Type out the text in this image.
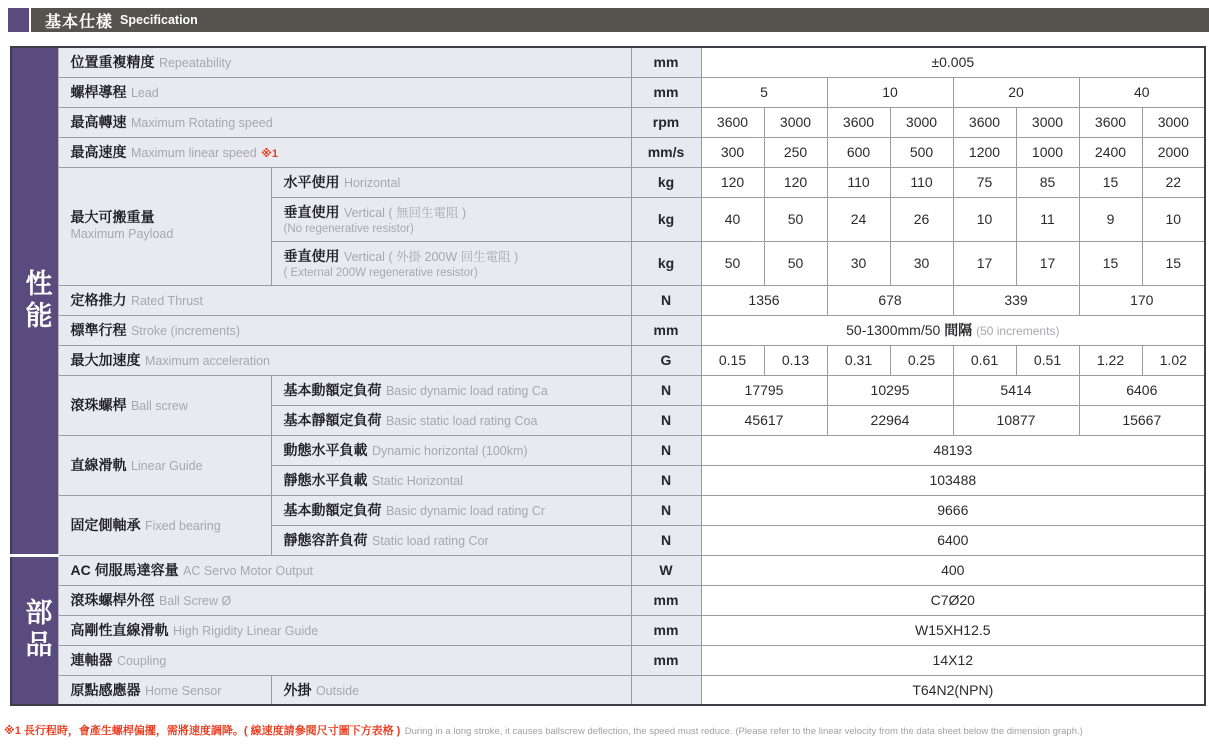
基本仕樣 Specification
性能	位置重複精度 Repeatability		mm	±0.005							
	螺桿導程 Lead		mm	5		10		20		40	
	最高轉速 Maximum Rotating speed		rpm	3600	3000	3600	3000	3600	3000	3600	3000
	最高速度 Maximum linear speed ※1		mm/s	300	250	600	500	1200	1000	2400	2000

	最大可搬重量
Maximum Payload	水平使用 Horizontal	kg	120	120	110	110	75	85	15	22
		垂直使用 Vertical ( 無回生電阻 )
(No regenerative resistor)	kg	40	50	24	26	10	11	9	10
		垂直使用 Vertical ( 外掛 200W 回生電阻 )
( External 200W regenerative resistor)	kg	50	50	30	30	17	17	15	15
	定格推力 Rated Thrust		N	1356		678		339		170	
	標準行程 Stroke (increments)		mm	50-1300mm/50 間隔 (50 increments)							
	最大加速度 Maximum acceleration		G	0.15	0.13	0.31	0.25	0.61	0.51	1.22	1.02
	滾珠螺桿 Ball screw	基本動額定負荷 Basic dynamic load rating Ca	N	17795		10295		5414		6406	
		基本靜額定負荷 Basic static load rating Coa	N	45617		22964		10877		15667	
	直線滑軌 Linear Guide	動態水平負載 Dynamic horizontal (100km)	N	48193							
		靜態水平負載 Static Horizontal	N	103488							
	固定側軸承 Fixed bearing	基本動額定負荷 Basic dynamic load rating Cr	N	9666							
		靜態容許負荷 Static load rating Cor	N	6400							

部品	AC 伺服馬達容量 AC Servo Motor Output		W	400							
	滾珠螺桿外徑 Ball Screw Ø		mm	C7Ø20							
	高剛性直線滑軌 High Rigidity Linear Guide		mm	W15XH12.5							
	連軸器 Coupling		mm	14X12							
	原點感應器 Home Sensor	外掛 Outside		T64N2(NPN)							
※1 長行程時，會產生螺桿偏擺，需將速度調降。( 線速度請參閱尺寸圖下方表格 ) During in a long stroke, it causes ballscrew deflection, the speed must reduce. (Please refer to the linear velocity from the data sheet below the dimension graph.)
